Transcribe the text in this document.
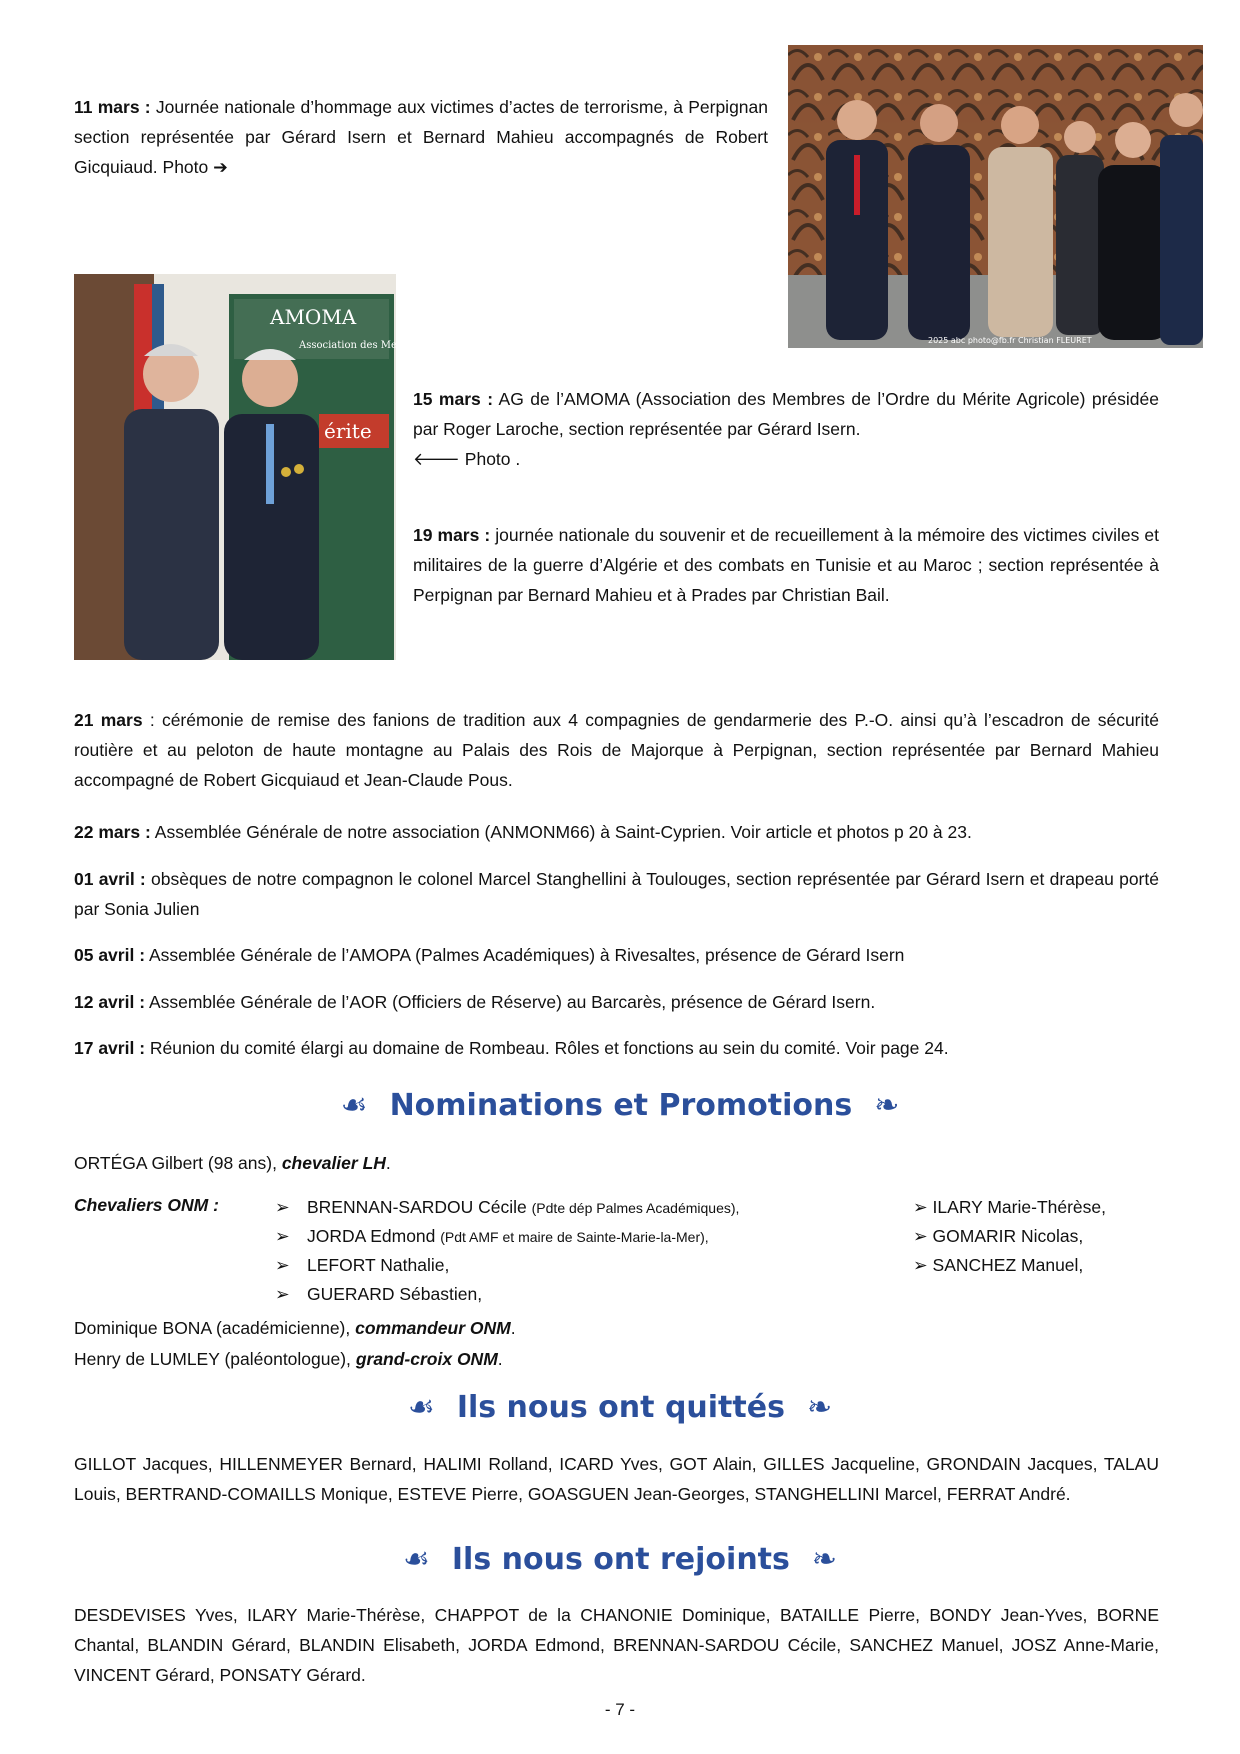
11 mars : Journée nationale d’hommage aux victimes d’actes de terrorisme, à Perpignan section représentée par Gérard Isern et Bernard Mahieu accompagnés de Robert Gicquiaud. Photo ➔
2025 abc photo@fb.fr Christian FLEURET
AMOMA
Association des Membres de l’Ordre du Mérite Agricole
érite
15 mars : AG de l’AMOMA (Association des Membres de l’Ordre du Mérite Agricole) présidée par Roger Laroche, section représentée par Gérard Isern.
🡐 Photo .
19 mars : journée nationale du souvenir et de recueillement à la mémoire des victimes civiles et militaires de la guerre d’Algérie et des combats en Tunisie et au Maroc ; section représentée à Perpignan par Bernard Mahieu et à Prades par Christian Bail.
21 mars : cérémonie de remise des fanions de tradition aux 4 compagnies de gendarmerie des P.-O. ainsi qu’à l’escadron de sécurité routière et au peloton de haute montagne au Palais des Rois de Majorque à Perpignan, section représentée par Bernard Mahieu accompagné de Robert Gicquiaud et Jean-Claude Pous.
22 mars : Assemblée Générale de notre association (ANMONM66) à Saint-Cyprien. Voir article et photos p 20 à 23.
01 avril : obsèques de notre compagnon le colonel Marcel Stanghellini à Toulouges, section représentée par Gérard Isern et drapeau porté par Sonia Julien
05 avril : Assemblée Générale de l’AMOPA (Palmes Académiques) à Rivesaltes, présence de Gérard Isern
12 avril : Assemblée Générale de l’AOR (Officiers de Réserve) au Barcarès, présence de Gérard Isern.
17 avril : Réunion du comité élargi au domaine de Rombeau. Rôles et fonctions au sein du comité. Voir page 24.
☙ Nominations et Promotions ❧
ORTÉGA Gilbert (98 ans), chevalier LH.
Chevaliers ONM :	➢ BRENNAN-SARDOU Cécile (Pdte dép Palmes Académiques),
➢ JORDA Edmond (Pdt AMF et maire de Sainte-Marie-la-Mer),
➢ LEFORT Nathalie,
➢ GUERARD Sébastien,
➢ ILARY Marie-Thérèse,
➢ GOMARIR Nicolas,
➢ SANCHEZ Manuel,
Dominique BONA (académicienne), commandeur ONM.
Henry de LUMLEY (paléontologue), grand-croix ONM.
☙ Ils nous ont quittés ❧
GILLOT Jacques, HILLENMEYER Bernard, HALIMI Rolland, ICARD Yves, GOT Alain, GILLES Jacqueline, GRONDAIN Jacques, TALAU Louis, BERTRAND-COMAILLS Monique, ESTEVE Pierre, GOASGUEN Jean-Georges, STANGHELLINI Marcel, FERRAT André.
☙ Ils nous ont rejoints ❧
DESDEVISES Yves, ILARY Marie-Thérèse, CHAPPOT de la CHANONIE Dominique, BATAILLE Pierre, BONDY Jean-Yves, BORNE Chantal, BLANDIN Gérard, BLANDIN Elisabeth, JORDA Edmond, BRENNAN-SARDOU Cécile, SANCHEZ Manuel, JOSZ Anne-Marie, VINCENT Gérard, PONSATY Gérard.
- 7 -
